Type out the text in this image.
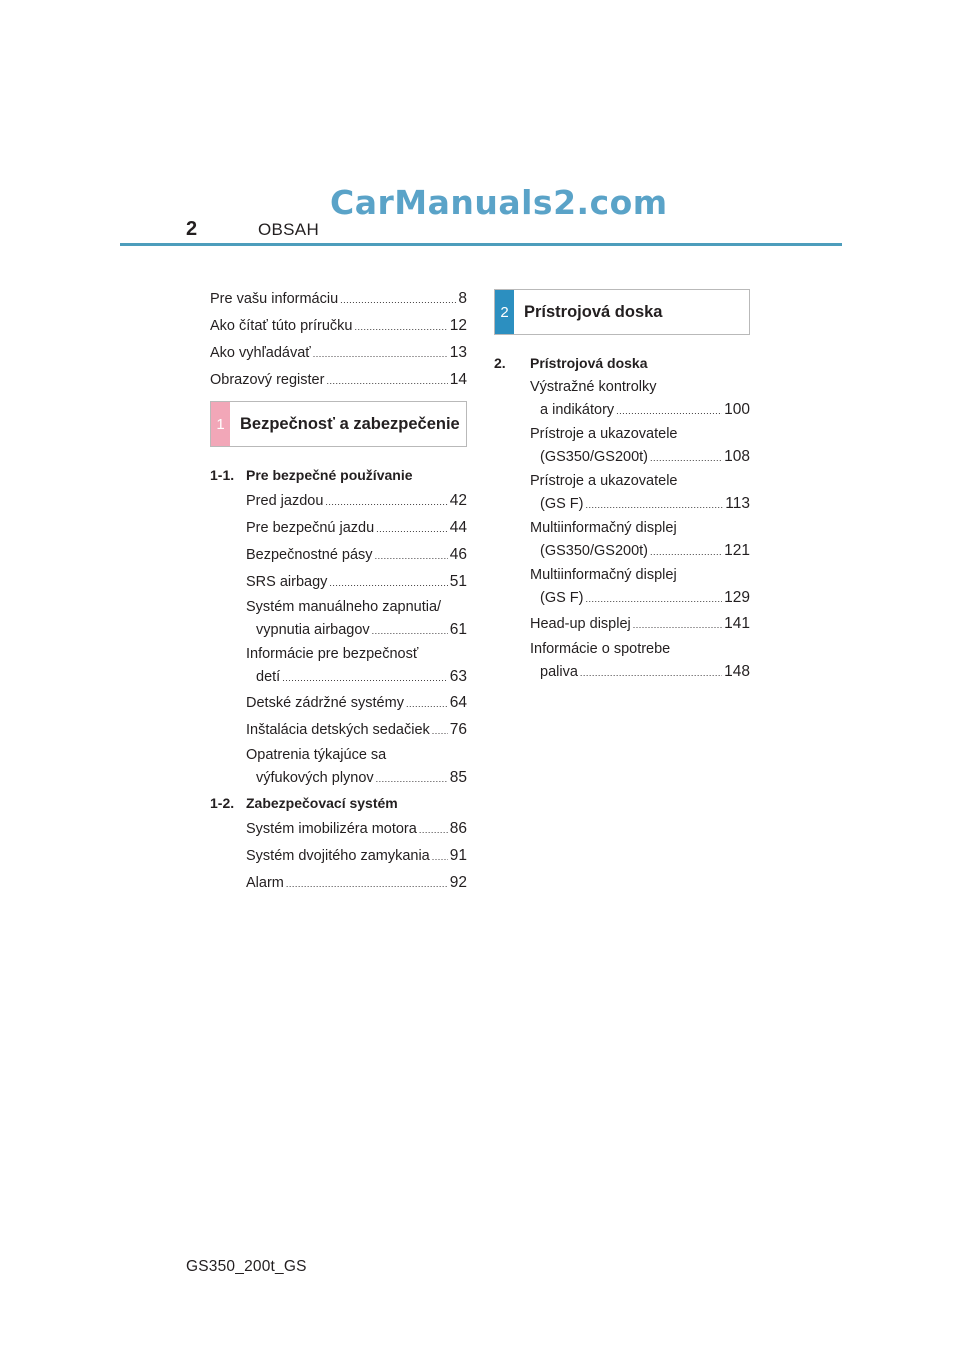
CarManuals2.com
2	OBSAH
Pre vašu informáciu .....	8
Ako čítať túto príručku .....	12
Ako vyhľadávať .....	13
Obrazový register .....	14
1 Bezpečnosť a zabezpečenie
1-1. Pre bezpečné používanie
Pred jazdou .....	42
Pre bezpečnú jazdu .....	44
Bezpečnostné pásy .....	46
SRS airbagy .....	51
Systém manuálneho zapnutia/
vypnutia airbagov .....	61
Informácie pre bezpečnosť
detí .....	63
Detské zádržné systémy .....	64
Inštalácia detských sedačiek ..... 76
Opatrenia týkajúce sa
výfukových plynov .....	85
1-2. Zabezpečovací systém
Systém imobilizéra motora ..... 86
Systém dvojitého zamykania ..... 91
Alarm .....	92
2 Prístrojová doska
2.	Prístrojová doska
Výstražné kontrolky
a indikátory .....	100
Prístroje a ukazovatele
(GS350/GS200t) .....	108
Prístroje a ukazovatele
(GS F) .....	113
Multiinformačný displej
(GS350/GS200t) .....	121
Multiinformačný displej
(GS F) .....	129
Head-up displej .....	141
Informácie o spotrebe
paliva .....	148
GS350_200t_GS
